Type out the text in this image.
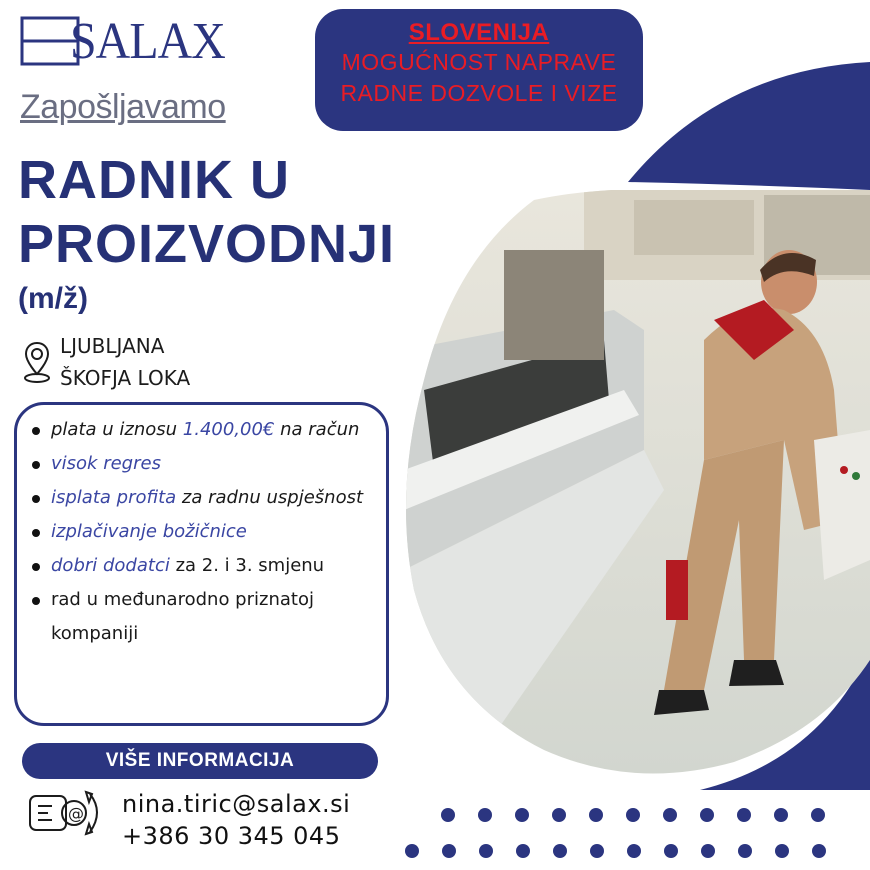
SALAX	SLOVENIJA
MOGUĆNOST NAPRAVE
RADNE DOZVOLE I VIZE
Zapošljavamo
RADNIK U
PROIZVODNJI
(m/ž)
LJUBLJANA
ŠKOFJA LOKA
plata u iznosu 1.400,00€ na račun
visok regres
isplata profita za radnu uspješnost
izplačivanje božičnice
dobri dodatci za 2. i 3. smjenu
rad u međunarodno priznatoj kompaniji
VIŠE INFORMACIJA
@ nina.tiric@salax.si
+386 30 345 045
